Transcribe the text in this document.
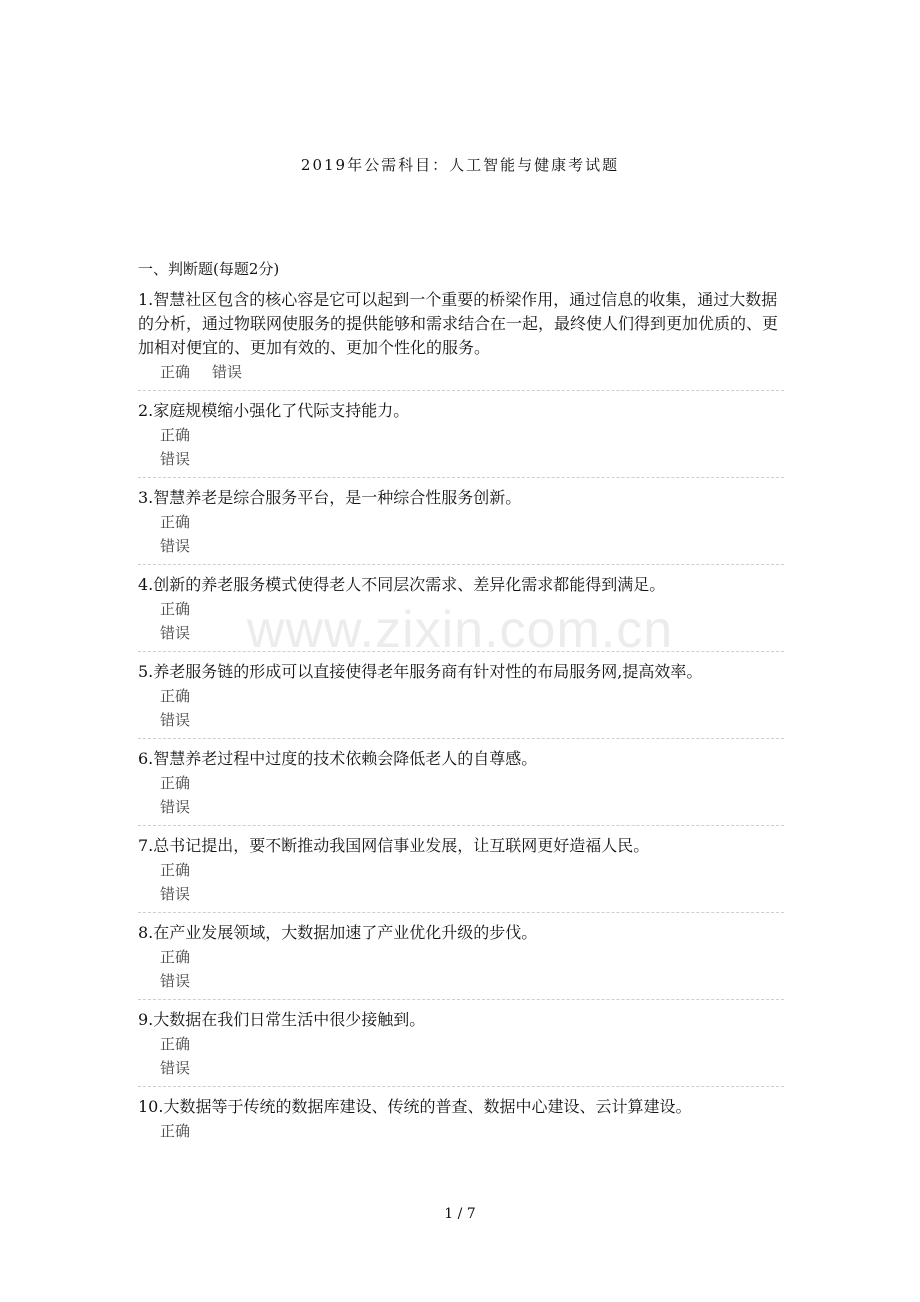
2019年公需科目：人工智能与健康考试题
一、判断题(每题2分)
1.智慧社区包含的核心容是它可以起到一个重要的桥梁作用，通过信息的收集，通过大数据的分析，通过物联网使服务的提供能够和需求结合在一起，最终使人们得到更加优质的、更加相对便宜的、更加有效的、更加个性化的服务。
正确 错误
2.家庭规模缩小强化了代际支持能力。
正确
错误
3.智慧养老是综合服务平台，是一种综合性服务创新。
正确
错误
4.创新的养老服务模式使得老人不同层次需求、差异化需求都能得到满足。
正确
错误
5.养老服务链的形成可以直接使得老年服务商有针对性的布局服务网,提高效率。
正确
错误
6.智慧养老过程中过度的技术依赖会降低老人的自尊感。
正确
错误
7.总书记提出，要不断推动我国网信事业发展，让互联网更好造福人民。
正确
错误
8.在产业发展领域，大数据加速了产业优化升级的步伐。
正确
错误
9.大数据在我们日常生活中很少接触到。
正确
错误
10.大数据等于传统的数据库建设、传统的普查、数据中心建设、云计算建设。
正确
www.zixin.com.cn
1 / 7
